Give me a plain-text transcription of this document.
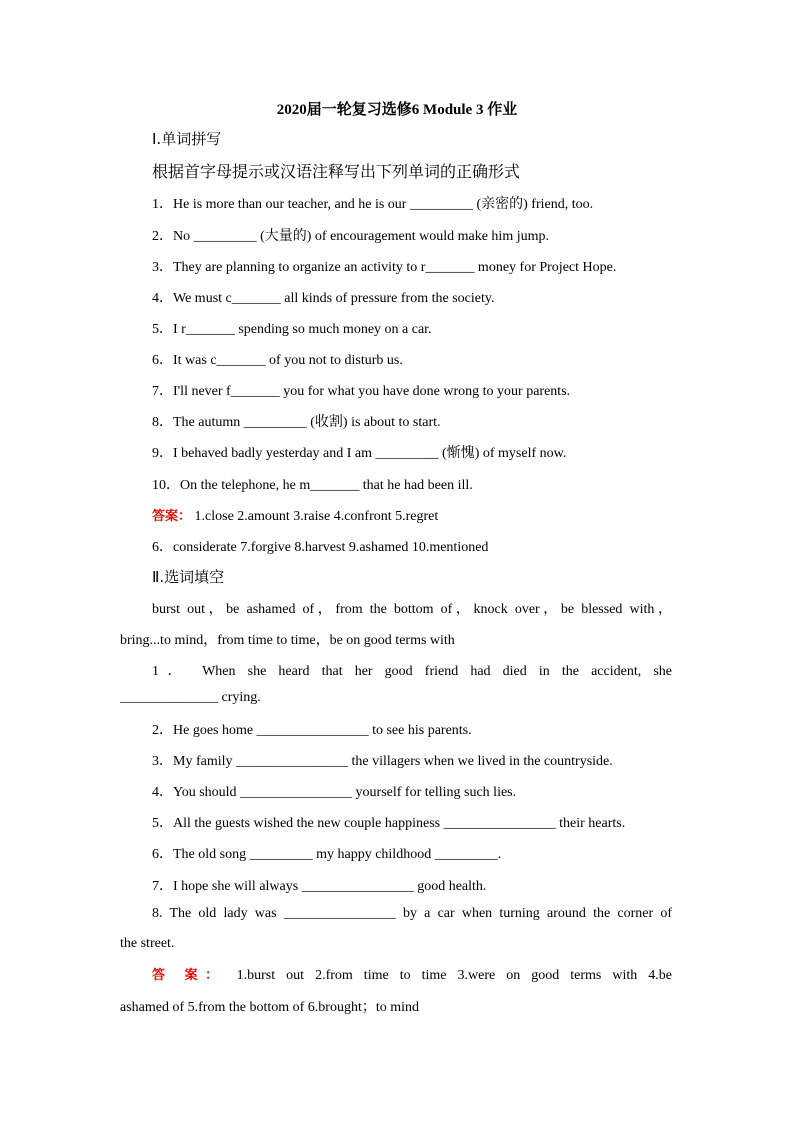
2020届一轮复习选修6 Module 3 作业
Ⅰ.单词拼写
根据首字母提示或汉语注释写出下列单词的正确形式
1．He is more than our teacher, and he is our _________ (亲密的) friend, too.
2．No _________ (大量的) of encouragement would make him jump.
3．They are planning to organize an activity to r_______ money for Project Hope.
4．We must c_______ all kinds of pressure from the society.
5．I r_______ spending so much money on a car.
6．It was c_______ of you not to disturb us.
7．I'll never f_______ you for what you have done wrong to your parents.
8．The autumn _________ (收割) is about to start.
9．I behaved badly yesterday and I am _________ (惭愧) of myself now.
10．On the telephone, he m_______ that he had been ill.
答案： 1.close 2.amount 3.raise 4.confront 5.regret
6．considerate 7.forgive 8.harvest 9.ashamed 10.mentioned
Ⅱ.选词填空
burst out，be ashamed of，from the bottom of，knock over，be blessed with，
bring...to mind，from time to time，be on good terms with
1． When she heard that her good friend had died in the accident, she
______________ crying.
2．He goes home ________________ to see his parents.
3．My family ________________ the villagers when we lived in the countryside.
4．You should ________________ yourself for telling such lies.
5．All the guests wished the new couple happiness ________________ their hearts.
6．The old song _________ my happy childhood _________.
7．I hope she will always ________________ good health.
8. The old lady was ________________ by a car when turning around the corner of
the street.
答 案： 1.burst out 2.from time to time 3.were on good terms with 4.be
ashamed of 5.from the bottom of 6.brought；to mind
